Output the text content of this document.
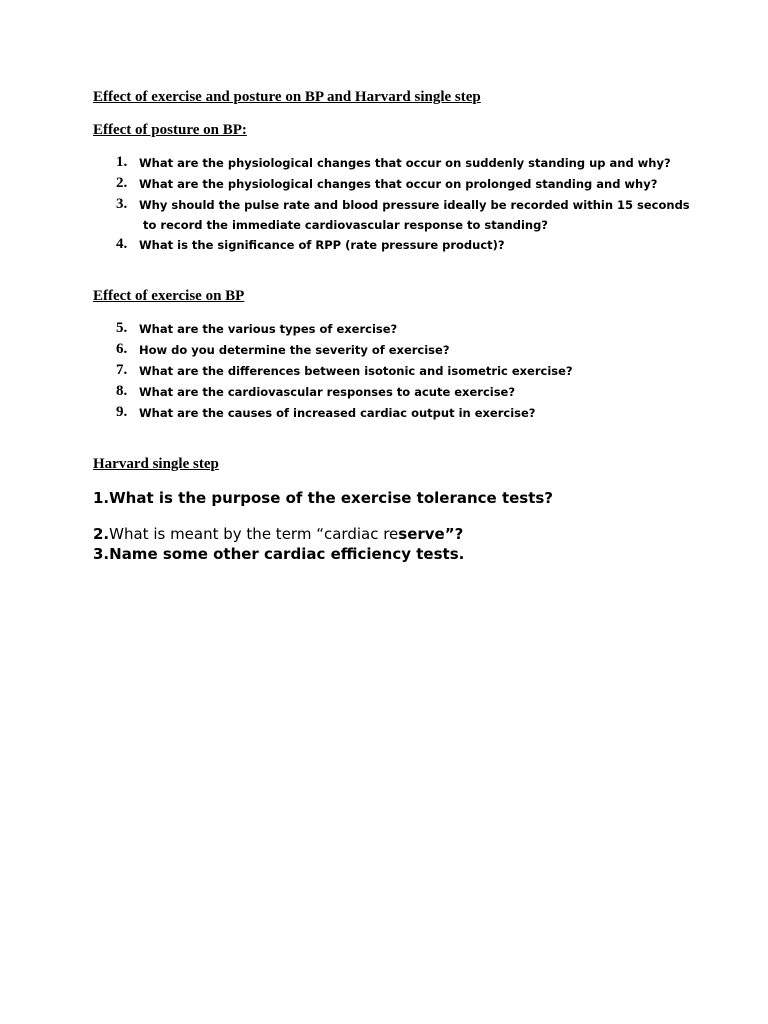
Effect of exercise and posture on BP and Harvard single step
Effect of posture on BP:
1. What are the physiological changes that occur on suddenly standing up and why?
2. What are the physiological changes that occur on prolonged standing and why?
3. Why should the pulse rate and blood pressure ideally be recorded within 15 seconds
to record the immediate cardiovascular response to standing?
4. What is the significance of RPP (rate pressure product)?
Effect of exercise on BP
5. What are the various types of exercise?
6. How do you determine the severity of exercise?
7. What are the differences between isotonic and isometric exercise?
8. What are the cardiovascular responses to acute exercise?
9. What are the causes of increased cardiac output in exercise?
Harvard single step
1.What is the purpose of the exercise tolerance tests?
2.What is meant by the term “cardiac reserve”?
3.Name some other cardiac efficiency tests.
